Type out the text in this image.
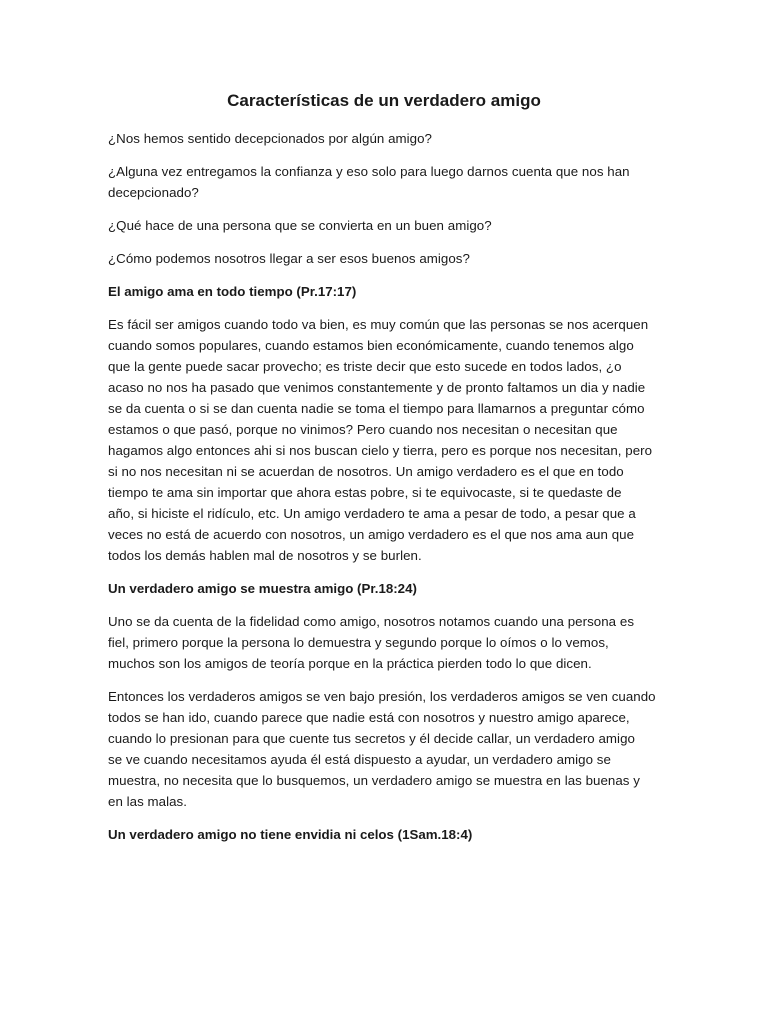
Características de un verdadero amigo

¿Nos hemos sentido decepcionados por algún amigo?

¿Alguna vez entregamos la confianza y eso solo para luego darnos cuenta que nos han
decepcionado?

¿Qué hace de una persona que se convierta en un buen amigo?

¿Cómo podemos nosotros llegar a ser esos buenos amigos?

El amigo ama en todo tiempo (Pr.17:17)

Es fácil ser amigos cuando todo va bien, es muy común que las personas se nos acerquen
cuando somos populares, cuando estamos bien económicamente, cuando tenemos algo
que la gente puede sacar provecho; es triste decir que esto sucede en todos lados, ¿o
acaso no nos ha pasado que venimos constantemente y de pronto faltamos un dia y nadie
se da cuenta o si se dan cuenta nadie se toma el tiempo para llamarnos a preguntar cómo
estamos o que pasó, porque no vinimos? Pero cuando nos necesitan o necesitan que
hagamos algo entonces ahi si nos buscan cielo y tierra, pero es porque nos necesitan, pero
si no nos necesitan ni se acuerdan de nosotros. Un amigo verdadero es el que en todo
tiempo te ama sin importar que ahora estas pobre, si te equivocaste, si te quedaste de
año, si hiciste el ridículo, etc. Un amigo verdadero te ama a pesar de todo, a pesar que a
veces no está de acuerdo con nosotros, un amigo verdadero es el que nos ama aun que
todos los demás hablen mal de nosotros y se burlen.

Un verdadero amigo se muestra amigo (Pr.18:24)

Uno se da cuenta de la fidelidad como amigo, nosotros notamos cuando una persona es
fiel, primero porque la persona lo demuestra y segundo porque lo oímos o lo vemos,
muchos son los amigos de teoría porque en la práctica pierden todo lo que dicen.

Entonces los verdaderos amigos se ven bajo presión, los verdaderos amigos se ven cuando
todos se han ido, cuando parece que nadie está con nosotros y nuestro amigo aparece,
cuando lo presionan para que cuente tus secretos y él decide callar, un verdadero amigo
se ve cuando necesitamos ayuda él está dispuesto a ayudar, un verdadero amigo se
muestra, no necesita que lo busquemos, un verdadero amigo se muestra en las buenas y
en las malas.

Un verdadero amigo no tiene envidia ni celos (1Sam.18:4)
